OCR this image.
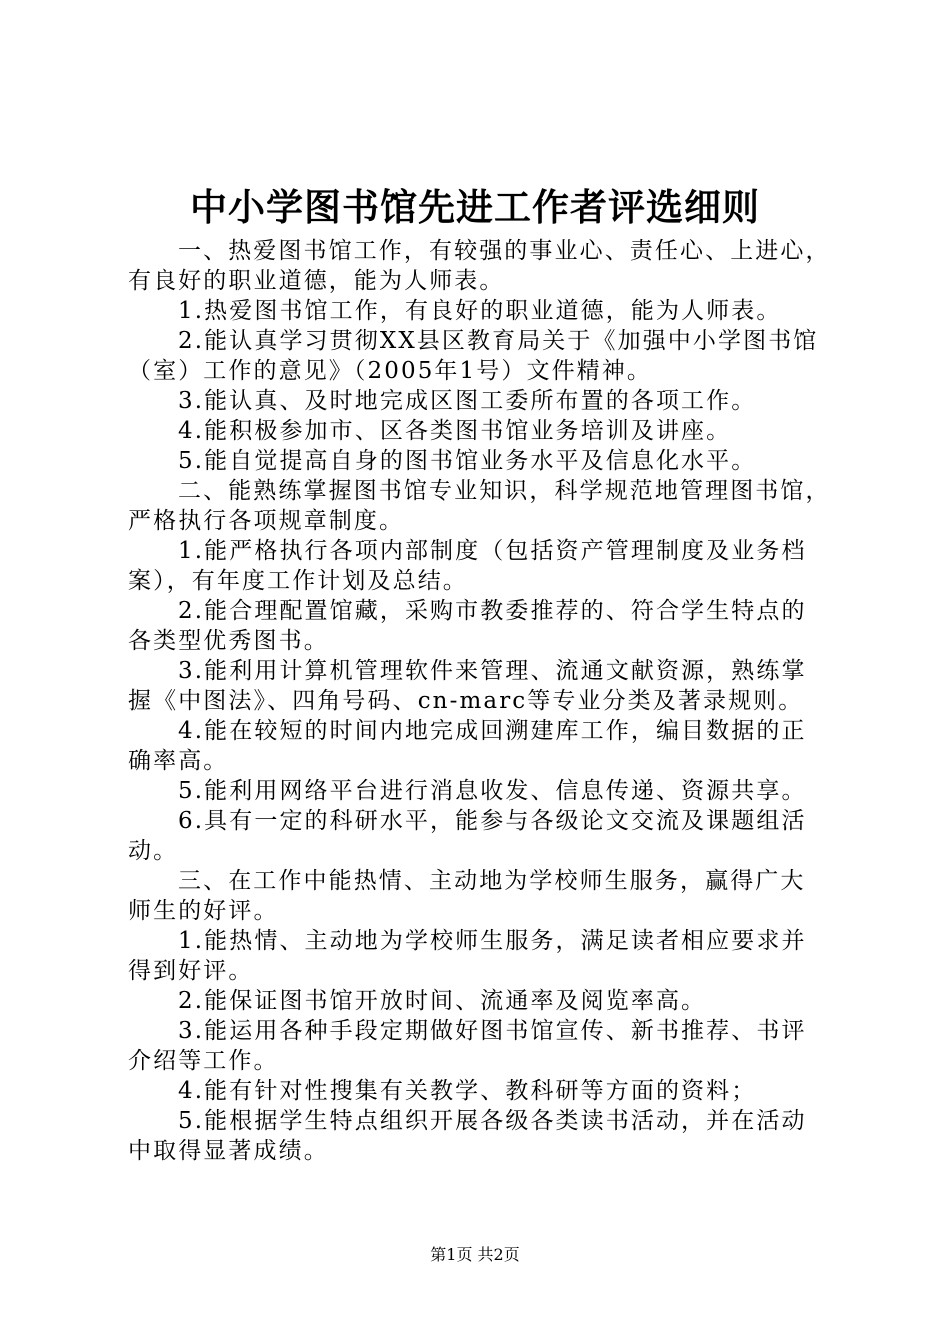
中小学图书馆先进工作者评选细则

一、热爱图书馆工作，有较强的事业心、责任心、上进心，
有良好的职业道德，能为人师表。

1.热爱图书馆工作，有良好的职业道德，能为人师表。

2.能认真学习贯彻XX县区教育局关于《加强中小学图书馆
（室）工作的意见》（2005年1号）文件精神。

3.能认真、及时地完成区图工委所布置的各项工作。

4.能积极参加市、区各类图书馆业务培训及讲座。

5.能自觉提高自身的图书馆业务水平及信息化水平。

二、能熟练掌握图书馆专业知识，科学规范地管理图书馆，
严格执行各项规章制度。

1.能严格执行各项内部制度（包括资产管理制度及业务档
案），有年度工作计划及总结。

2.能合理配置馆藏，采购市教委推荐的、符合学生特点的
各类型优秀图书。

3.能利用计算机管理软件来管理、流通文献资源，熟练掌
握《中图法》、四角号码、cn-marc等专业分类及著录规则。

4.能在较短的时间内地完成回溯建库工作，编目数据的正
确率高。

5.能利用网络平台进行消息收发、信息传递、资源共享。

6.具有一定的科研水平，能参与各级论文交流及课题组活
动。

三、在工作中能热情、主动地为学校师生服务，赢得广大
师生的好评。

1.能热情、主动地为学校师生服务，满足读者相应要求并
得到好评。

2.能保证图书馆开放时间、流通率及阅览率高。

3.能运用各种手段定期做好图书馆宣传、新书推荐、书评
介绍等工作。

4.能有针对性搜集有关教学、教科研等方面的资料；

5.能根据学生特点组织开展各级各类读书活动，并在活动
中取得显著成绩。

第1页 共2页
